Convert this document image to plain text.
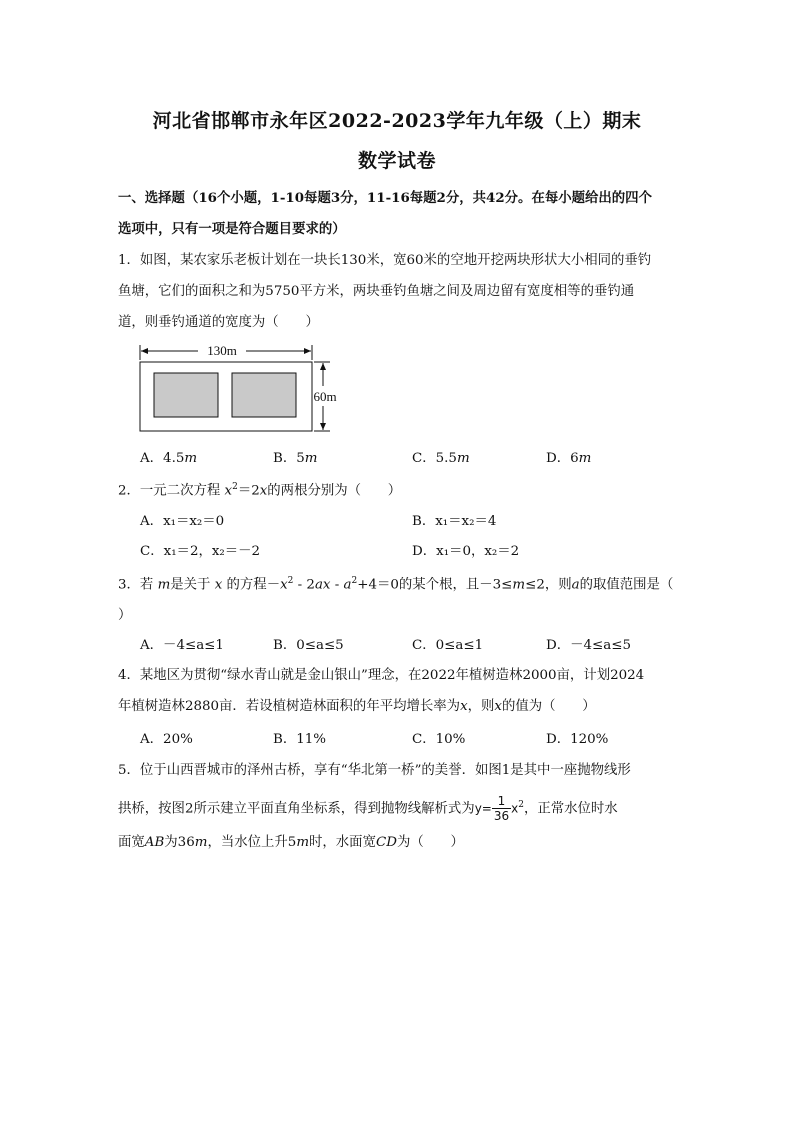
河北省邯郸市永年区2022-2023学年九年级（上）期末
数学试卷
一、选择题（16个小题，1-10每题3分，11-16每题2分，共42分。在每小题给出的四个
选项中，只有一项是符合题目要求的）
1．如图，某农家乐老板计划在一块长130米，宽60米的空地开挖两块形状大小相同的垂钓
鱼塘，它们的面积之和为5750平方米，两块垂钓鱼塘之间及周边留有宽度相等的垂钓通
道，则垂钓通道的宽度为（　　）
130m
60m
A．4.5m	B．5m	C．5.5m	D．6m
2．一元二次方程 $x^2=2x$的两根分别为（　　）
A．x₁＝x₂＝0	B．x₁＝x₂＝4
C．x₁＝2，x₂＝－2	D．x₁＝0，x₂＝2
3．若 m是关于 x 的方程$-x^2 - 2ax - a^2+4=0$的某个根，且－3≤m≤2，则a的取值范围是（
）
A．－4≤a≤1	B．0≤a≤5	C．0≤a≤1	D．－4≤a≤5
4．某地区为贯彻“绿水青山就是金山银山”理念，在2022年植树造林2000亩，计划2024
年植树造林2880亩．若设植树造林面积的年平均增长率为x，则x的值为（　　）
A．20%	B．11%	C．10%	D．120%
5．位于山西晋城市的泽州古桥，享有“华北第一桥”的美誉．如图1是其中一座抛物线形
拱桥，按图2所示建立平面直角坐标系，得到抛物线解析式为$y= \frac{1}{36} x^2$，正常水位时水
面宽AB为36m，当水位上升5m时，水面宽CD为（　　）
